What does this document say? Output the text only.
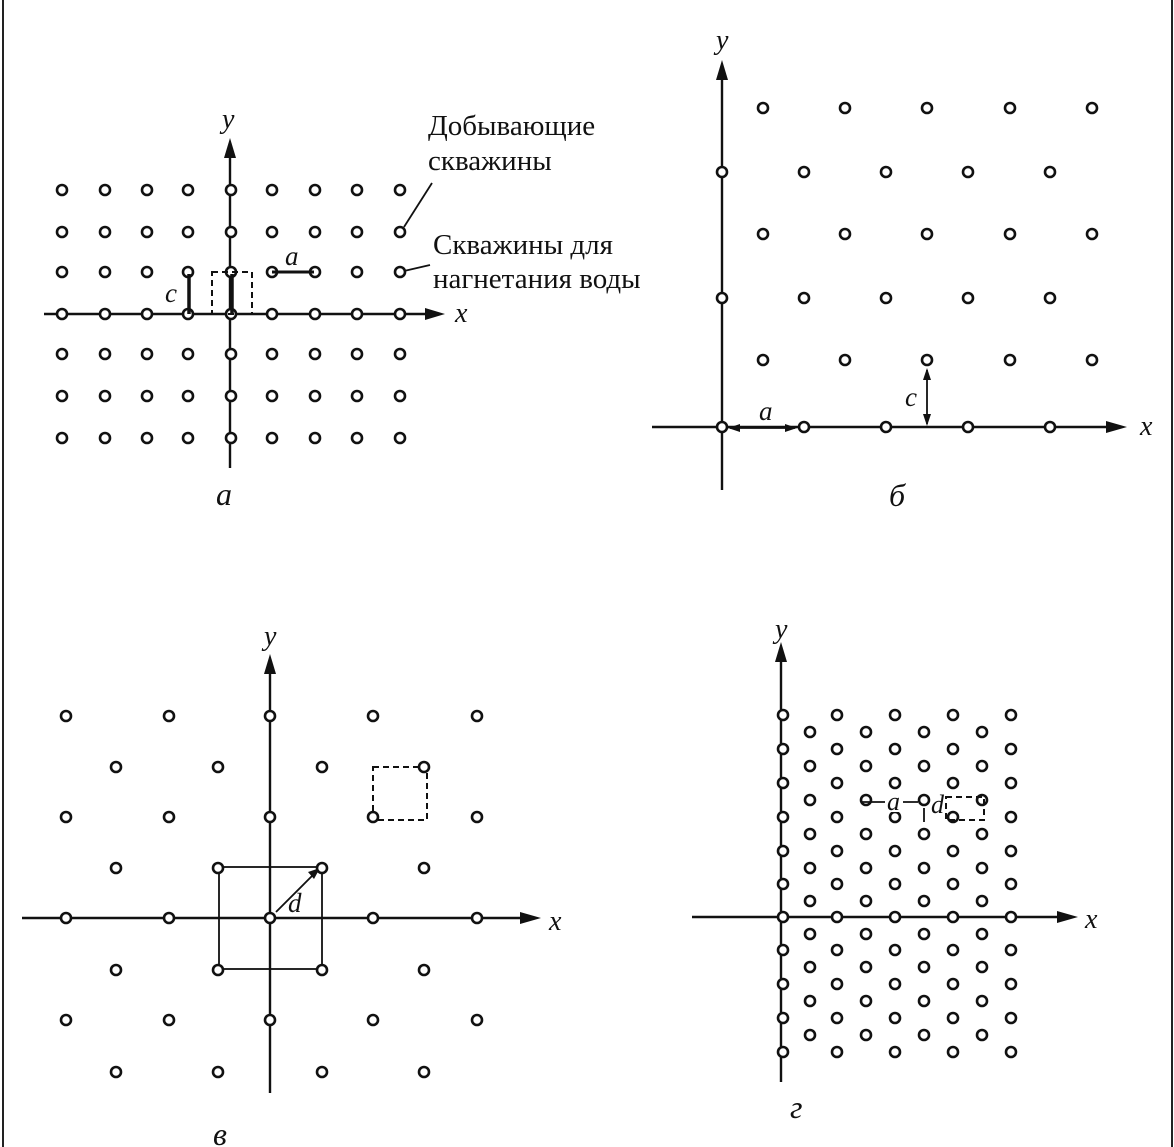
x
y
c
a
Добывающие
скважины
Скважины для
нагнетания воды
а
x
y
a	c
б
x
y
d
в
x
y
a d
г
